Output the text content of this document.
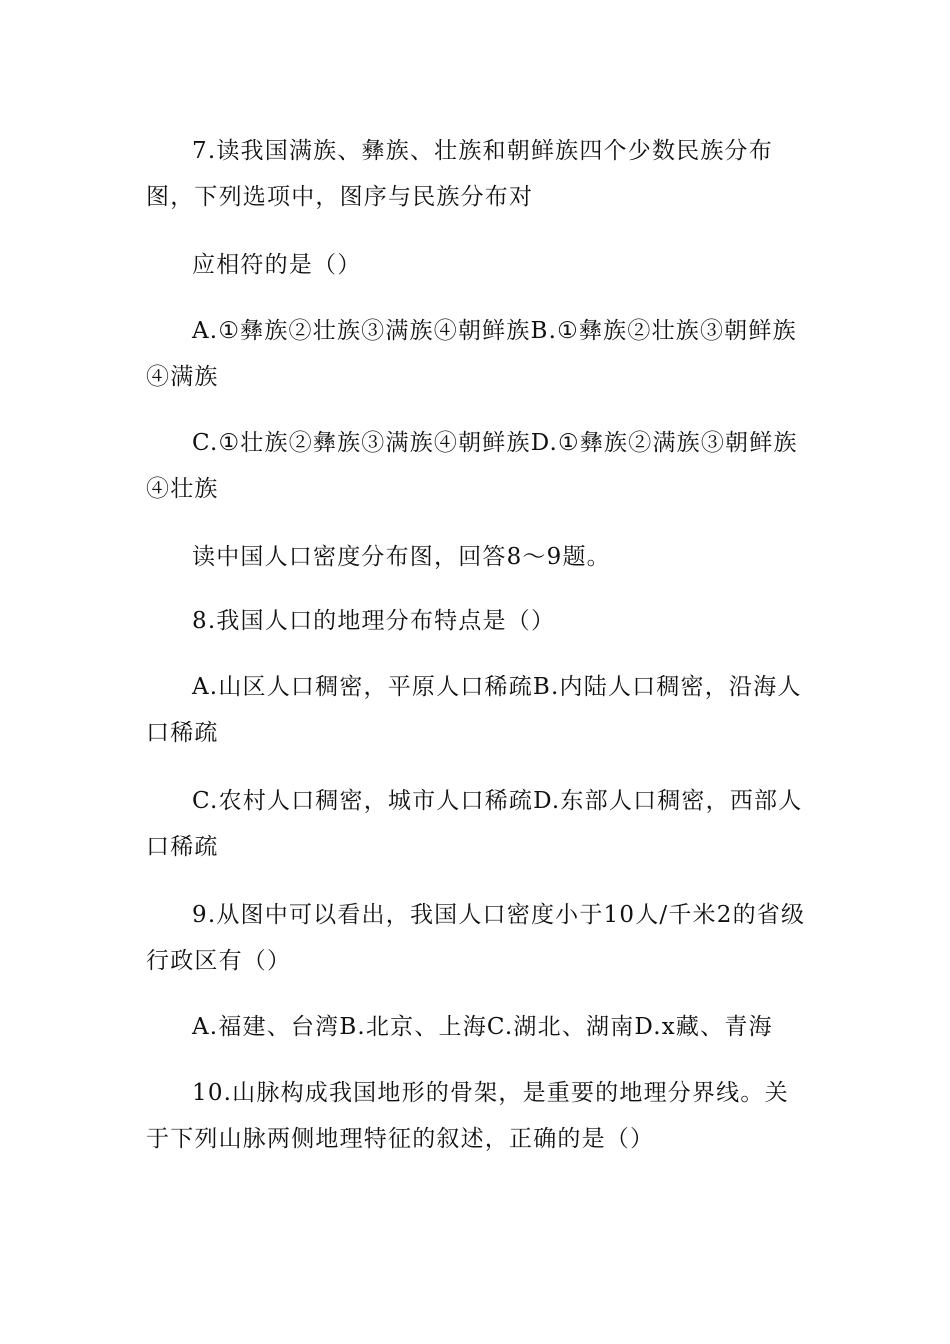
7.读我国满族、彝族、壮族和朝鲜族四个少数民族分布图，下列选项中，图序与民族分布对

应相符的是（）

A.①彝族②壮族③满族④朝鲜族B.①彝族②壮族③朝鲜族④满族

C.①壮族②彝族③满族④朝鲜族D.①彝族②满族③朝鲜族④壮族

读中国人口密度分布图，回答8～9题。

8.我国人口的地理分布特点是（）

A.山区人口稠密，平原人口稀疏B.内陆人口稠密，沿海人口稀疏

C.农村人口稠密，城市人口稀疏D.东部人口稠密，西部人口稀疏

9.从图中可以看出，我国人口密度小于10人/千米2的省级行政区有（）

A.福建、台湾B.北京、上海C.湖北、湖南D.x藏、青海

10.山脉构成我国地形的骨架，是重要的地理分界线。关于下列山脉两侧地理特征的叙述，正确的是（）
